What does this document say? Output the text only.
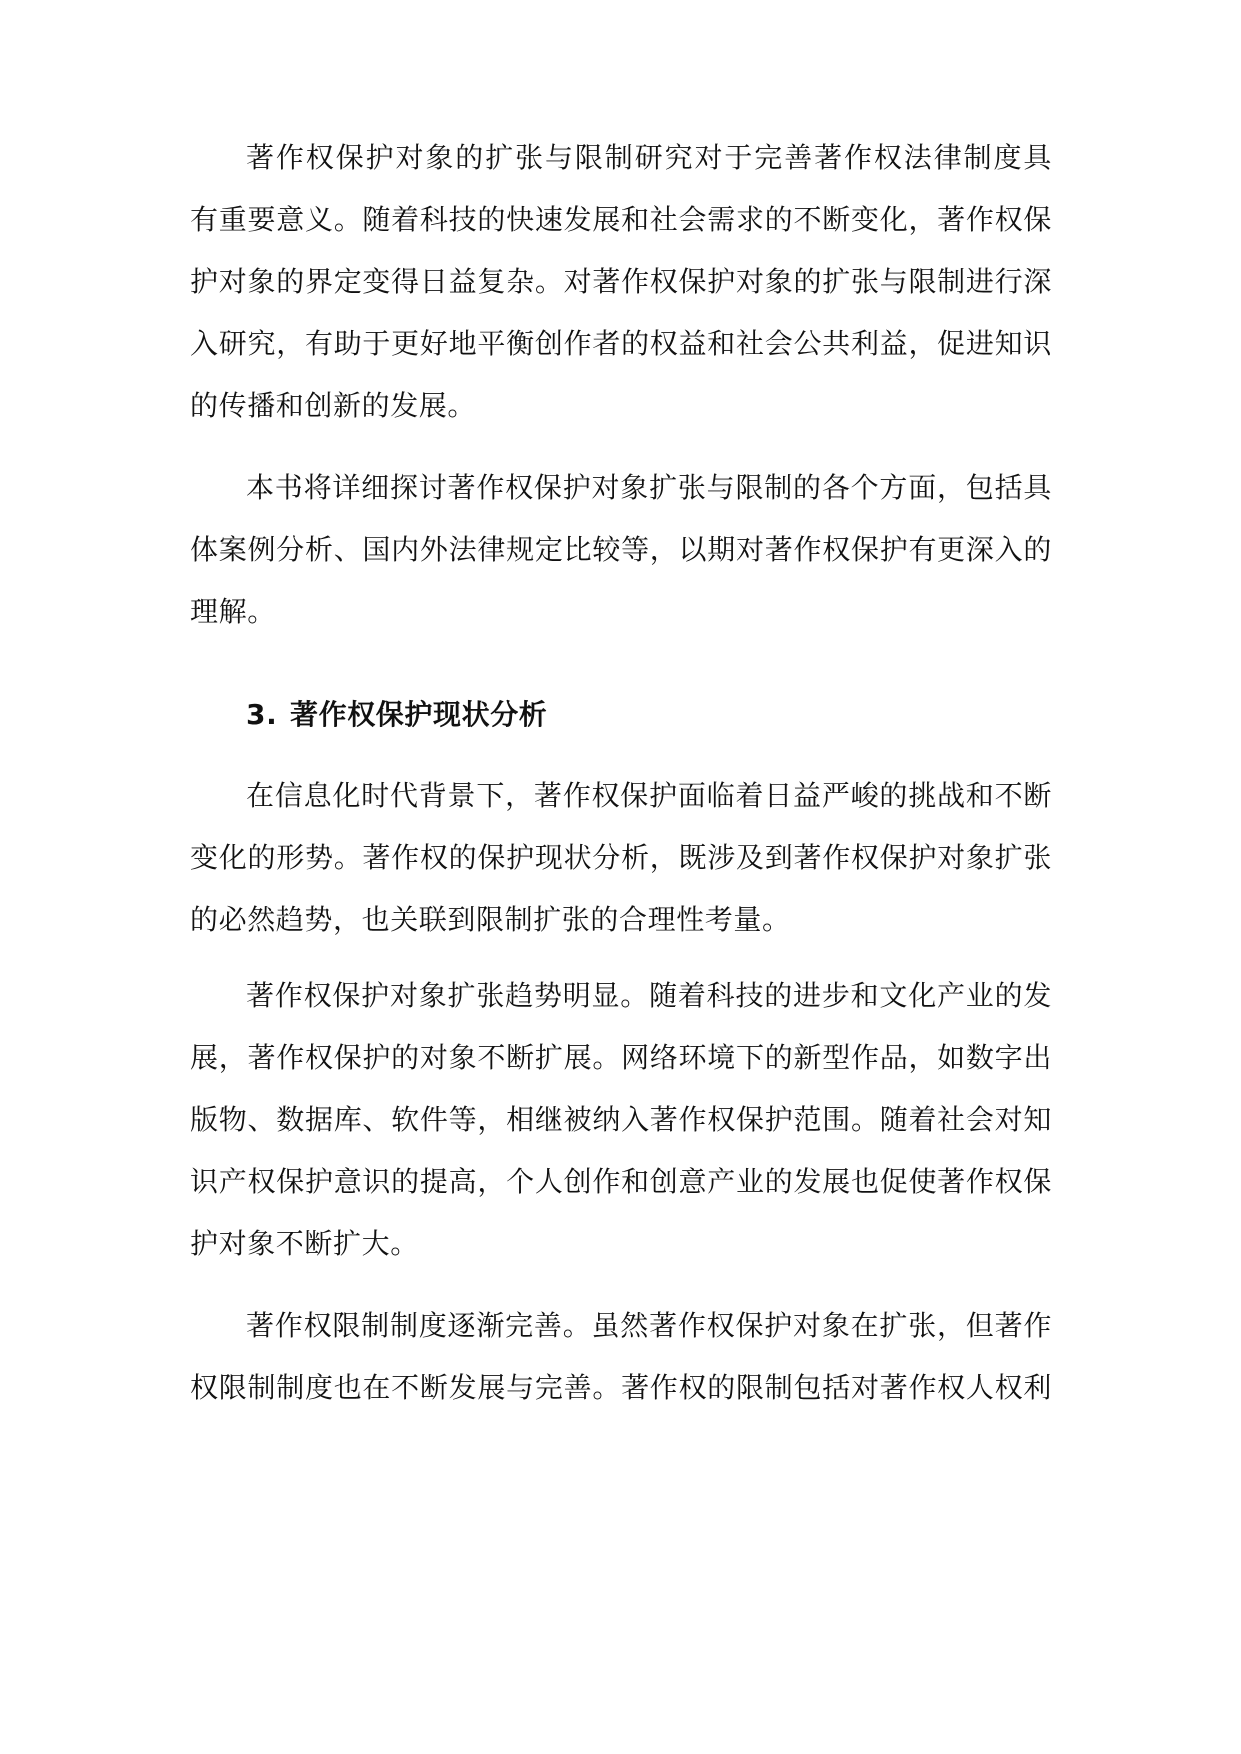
著作权保护对象的扩张与限制研究对于完善著作权法律制度具
有重要意义。随着科技的快速发展和社会需求的不断变化，著作权保
护对象的界定变得日益复杂。对著作权保护对象的扩张与限制进行深
入研究，有助于更好地平衡创作者的权益和社会公共利益，促进知识
的传播和创新的发展。
本书将详细探讨著作权保护对象扩张与限制的各个方面，包括具
体案例分析、国内外法律规定比较等，以期对著作权保护有更深入的
理解。
3. 著作权保护现状分析
在信息化时代背景下，著作权保护面临着日益严峻的挑战和不断
变化的形势。著作权的保护现状分析，既涉及到著作权保护对象扩张
的必然趋势，也关联到限制扩张的合理性考量。
著作权保护对象扩张趋势明显。随着科技的进步和文化产业的发
展，著作权保护的对象不断扩展。网络环境下的新型作品，如数字出
版物、数据库、软件等，相继被纳入著作权保护范围。随着社会对知
识产权保护意识的提高，个人创作和创意产业的发展也促使著作权保
护对象不断扩大。
著作权限制制度逐渐完善。虽然著作权保护对象在扩张，但著作
权限制制度也在不断发展与完善。著作权的限制包括对著作权人权利
